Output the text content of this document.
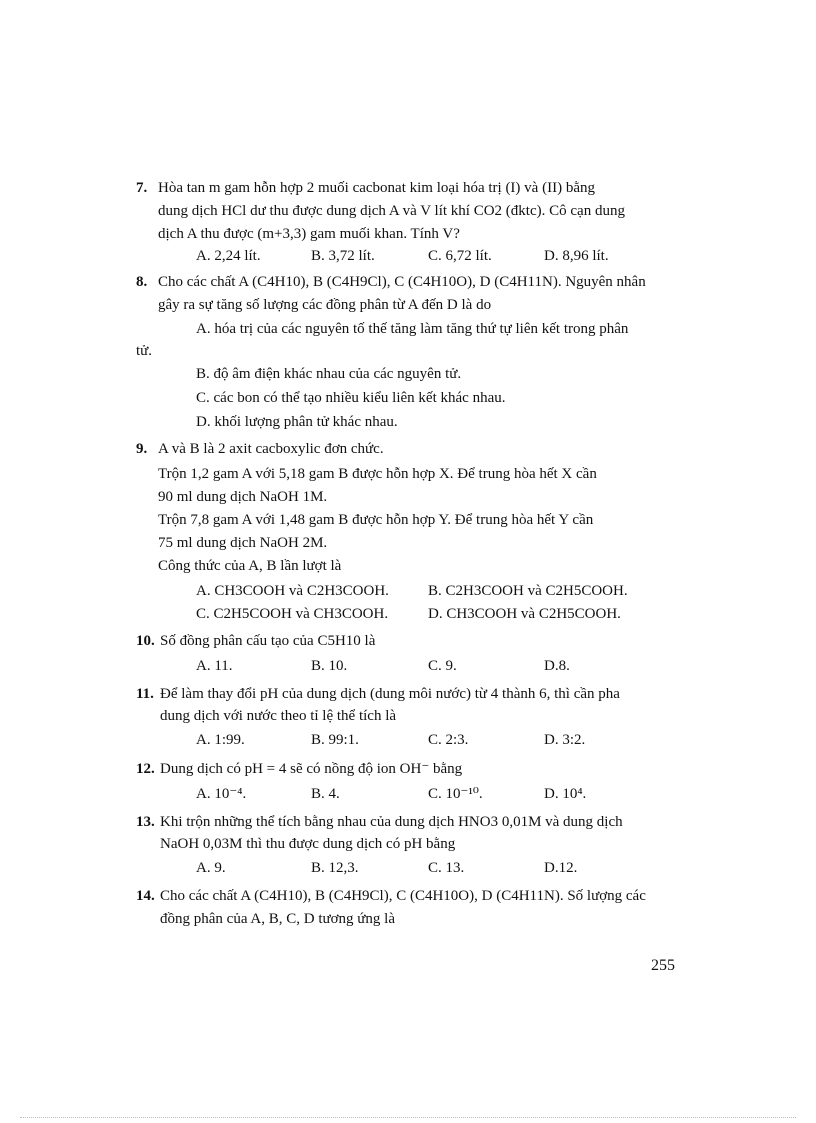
7. Hòa tan m gam hỗn hợp 2 muối cacbonat kim loại hóa trị (I) và (II) bằng
dung dịch HCl dư thu được dung dịch A và V lít khí CO2 (đktc). Cô cạn dung
dịch A thu được (m+3,3) gam muối khan. Tính V?
A. 2,24 lít.	B. 3,72 lít.	C. 6,72 lít.	D. 8,96 lít.
8. Cho các chất A (C4H10), B (C4H9Cl), C (C4H10O), D (C4H11N). Nguyên nhân
gây ra sự tăng số lượng các đồng phân từ A đến D là do
A. hóa trị của các nguyên tố thế tăng làm tăng thứ tự liên kết trong phân
tử.
B. độ âm điện khác nhau của các nguyên tử.
C. các bon có thể tạo nhiều kiểu liên kết khác nhau.
D. khối lượng phân tử khác nhau.
9. A và B là 2 axit cacboxylic đơn chức.
Trộn 1,2 gam A với 5,18 gam B được hỗn hợp X. Để trung hòa hết X cần
90 ml dung dịch NaOH 1M.
Trộn 7,8 gam A với 1,48 gam B được hỗn hợp Y. Để trung hòa hết Y cần
75 ml dung dịch NaOH 2M.
Công thức của A, B lần lượt là
A. CH3COOH và C2H3COOH.	B. C2H3COOH và C2H5COOH.
C. C2H5COOH và CH3COOH.	D. CH3COOH và C2H5COOH.
10. Số đồng phân cấu tạo của C5H10 là
A. 11.	B. 10.	C. 9.	D.8.
11. Để làm thay đổi pH của dung dịch (dung môi nước) từ 4 thành 6, thì cần pha
dung dịch với nước theo tỉ lệ thể tích là
A. 1:99.	B. 99:1.	C. 2:3.	D. 3:2.
12. Dung dịch có pH = 4 sẽ có nồng độ ion OH⁻ bằng
A. 10⁻⁴.	B. 4.	C. 10⁻¹⁰.	D. 10⁴.
13. Khi trộn những thể tích bằng nhau của dung dịch HNO3 0,01M và dung dịch
NaOH 0,03M thì thu được dung dịch có pH bằng
A. 9.	B. 12,3.	C. 13.	D.12.
14. Cho các chất A (C4H10), B (C4H9Cl), C (C4H10O), D (C4H11N). Số lượng các
đồng phân của A, B, C, D tương ứng là
255
